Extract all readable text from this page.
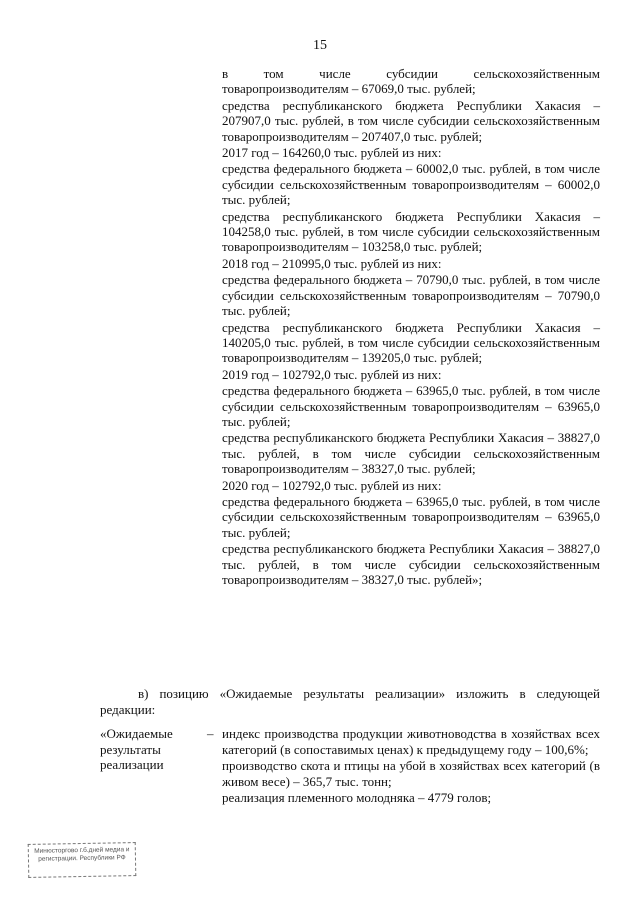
15

в том числе субсидии сельскохозяйственным товаропроизводителям – 67069,0 тыс. рублей;

средства республиканского бюджета Республики Хакасия – 207907,0 тыс. рублей, в том числе субсидии сельскохозяйственным товаропроизводителям – 207407,0 тыс. рублей;

2017 год – 164260,0 тыс. рублей из них:

средства федерального бюджета – 60002,0 тыс. рублей, в том числе субсидии сельскохозяйственным товаропроизводителям – 60002,0 тыс. рублей;

средства республиканского бюджета Республики Хакасия – 104258,0 тыс. рублей, в том числе субсидии сельскохозяйственным товаропроизводителям – 103258,0 тыс. рублей;

2018 год – 210995,0 тыс. рублей из них:

средства федерального бюджета – 70790,0 тыс. рублей, в том числе субсидии сельскохозяйственным товаропроизводителям – 70790,0 тыс. рублей;

средства республиканского бюджета Республики Хакасия – 140205,0 тыс. рублей, в том числе субсидии сельскохозяйственным товаропроизводителям – 139205,0 тыс. рублей;

2019 год – 102792,0 тыс. рублей из них:

средства федерального бюджета – 63965,0 тыс. рублей, в том числе субсидии сельскохозяйственным товаропроизводителям – 63965,0 тыс. рублей;

средства республиканского бюджета Республики Хакасия – 38827,0 тыс. рублей, в том числе субсидии сельскохозяйственным товаропроизводителям – 38327,0 тыс. рублей;

2020 год – 102792,0 тыс. рублей из них:

средства федерального бюджета – 63965,0 тыс. рублей, в том числе субсидии сельскохозяйственным товаропроизводителям – 63965,0 тыс. рублей;

средства республиканского бюджета Республики Хакасия – 38827,0 тыс. рублей, в том числе субсидии сельскохозяйственным товаропроизводителям – 38327,0 тыс. рублей»;

в) позицию «Ожидаемые результаты реализации» изложить в следующей редакции:

«Ожидаемые результаты реализации
– индекс производства продукции животноводства в хозяйствах всех категорий (в сопоставимых ценах) к предыдущему году – 100,6%;

производство скота и птицы на убой в хозяйствах всех категорий (в живом весе) – 365,7 тыс. тонн;

реализация племенного молодняка – 4779 голов;

Минюсторгово г.б.дней медиа и регистрации. Республики РФ
